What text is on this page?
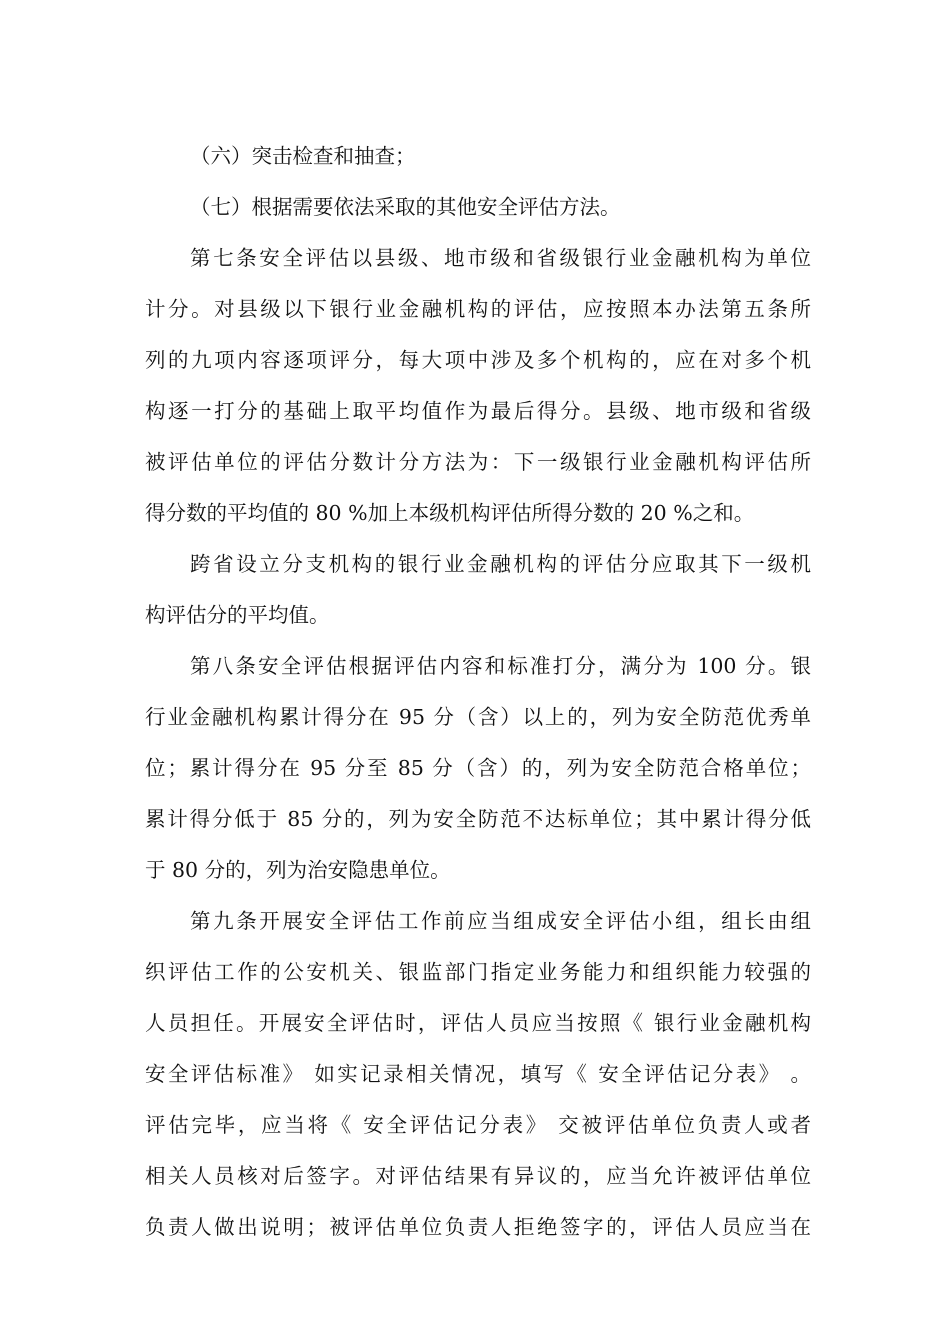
（六）突击检查和抽查；
（七）根据需要依法采取的其他安全评估方法。
第七条安全评估以县级、地市级和省级银行业金融机构为单位
计分。对县级以下银行业金融机构的评估，应按照本办法第五条所
列的九项内容逐项评分，每大项中涉及多个机构的，应在对多个机
构逐一打分的基础上取平均值作为最后得分。县级、地市级和省级
被评估单位的评估分数计分方法为：下一级银行业金融机构评估所
得分数的平均值的 80 %加上本级机构评估所得分数的 20 %之和。
跨省设立分支机构的银行业金融机构的评估分应取其下一级机
构评估分的平均值。
第八条安全评估根据评估内容和标准打分，满分为 100 分。银
行业金融机构累计得分在 95 分（含）以上的，列为安全防范优秀单
位；累计得分在 95 分至 85 分（含）的，列为安全防范合格单位；
累计得分低于 85 分的，列为安全防范不达标单位；其中累计得分低
于 80 分的，列为治安隐患单位。
第九条开展安全评估工作前应当组成安全评估小组，组长由组
织评估工作的公安机关、银监部门指定业务能力和组织能力较强的
人员担任。开展安全评估时，评估人员应当按照《 银行业金融机构
安全评估标准》 如实记录相关情况，填写《 安全评估记分表》 。
评估完毕，应当将《 安全评估记分表》 交被评估单位负责人或者
相关人员核对后签字。对评估结果有异议的，应当允许被评估单位
负责人做出说明；被评估单位负责人拒绝签字的，评估人员应当在
